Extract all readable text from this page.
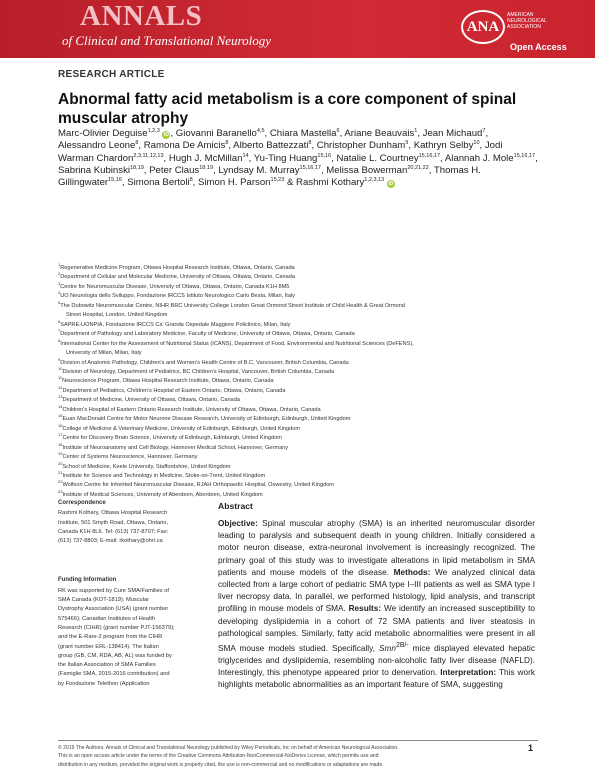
ANNALS
of Clinical and Translational Neurology
ANA
AMERICAN
NEUROLOGICAL
ASSOCIATION
Open Access
RESEARCH ARTICLE
Abnormal fatty acid metabolism is a core component of spinal muscular atrophy
Marc-Olivier Deguise$^{1,2,3}$ iD , Giovanni Baranello$^{4,5}$, Chiara Mastella$^6$, Ariane Beauvais$^1$, Jean Michaud$^7$, Alessandro Leone$^8$, Ramona De Amicis$^8$, Alberto Battezzati$^8$, Christopher Dunham$^9$, Kathryn Selby$^{10}$, Jodi Warman Chardon$^{2,3,11,12,13}$, Hugh J. McMillan$^{14}$, Yu-Ting Huang$^{15,16}$, Natalie L. Courtney$^{15,16,17}$, Alannah J. Mole$^{15,16,17}$, Sabrina Kubinski$^{18,19}$, Peter Claus$^{18,19}$, Lyndsay M. Murray$^{15,16,17}$, Melissa Bowerman$^{20,21,22}$, Thomas H. Gillingwater$^{15,16}$, Simona Bertoli$^8$, Simon H. Parson$^{15,23}$ & Rashmi Kothary$^{1,2,3,13}$ iD
$^1$Regenerative Medicine Program, Ottawa Hospital Research Institute, Ottawa, Ontario, Canada
$^2$Department of Cellular and Molecular Medicine, University of Ottawa, Ottawa, Ontario, Canada
$^3$Centre for Neuromuscular Disease, University of Ottawa, Ottawa, Ontario, Canada K1H 8M5
$^4$UO Neurologia dello Sviluppo, Fondazione IRCCS Istituto Neurologico Carlo Besta, Milan, Italy
$^5$The Dubowitz Neuromuscular Centre, NIHR BRC University College London Great Ormond Street Institute of Child Health & Great Ormond
Street Hospital, London, United Kingdom
$^6$SAPRE-UONPIA, Fondazione IRCCS Ca' Granda Ospedale Maggiore Policlinico, Milan, Italy
$^7$Department of Pathology and Laboratory Medicine, Faculty of Medicine, University of Ottawa, Ottawa, Ontario, Canada
$^8$International Center for the Assessment of Nutritional Status (ICANS), Department of Food, Environmental and Nutritional Sciences (DeFENS),
University of Milan, Milan, Italy
$^9$Division of Anatomic Pathology, Children's and Women's Health Centre of B.C, Vancouver, British Columbia, Canada
$^{10}$Division of Neurology, Department of Pediatrics, BC Children's Hospital, Vancouver, British Columbia, Canada
$^{11}$Neuroscience Program, Ottawa Hospital Research Institute, Ottawa, Ontario, Canada
$^{12}$Department of Pediatrics, Children's Hospital of Eastern Ontario, Ottawa, Ontario, Canada
$^{13}$Department of Medicine, University of Ottawa, Ottawa, Ontario, Canada
$^{14}$Children's Hospital of Eastern Ontario Research Institute, University of Ottawa, Ottawa, Ontario, Canada
$^{15}$Euan MacDonald Centre for Motor Neurone Disease Research, University of Edinburgh, Edinburgh, United Kingdom
$^{16}$College of Medicine & Veterinary Medicine, University of Edinburgh, Edinburgh, United Kingdom
$^{17}$Centre for Discovery Brain Science, University of Edinburgh, Edinburgh, United Kingdom
$^{18}$Institute of Neuroanatomy and Cell Biology, Hannover Medical School, Hannover, Germany
$^{19}$Center of Systems Neuroscience, Hannover, Germany
$^{20}$School of Medicine, Keele University, Staffordshire, United Kingdom
$^{21}$Institute for Science and Technology in Medicine, Stoke-on-Trent, United Kingdom
$^{22}$Wolfson Centre for Inherited Neuromuscular Disease, RJAH Orthopaedic Hospital, Oswestry, United Kingdom
$^{23}$Institute of Medical Sciences, University of Aberdeen, Aberdeen, United Kingdom
Correspondence
Rashmi Kothary, Ottawa Hospital Research
Institute, 501 Smyth Road, Ottawa, Ontario,
Canada K1H 8L6. Tel: (613) 737-8707; Fax:
(613) 737-8803; E-mail: rkothary@ohri.ca
Funding Information
RK was supported by Cure SMA/Families of
SMA Canada (KOT-1819); Muscular
Dystrophy Association (USA) (grant number
575466); Canadian Institutes of Health
Research (CIHR) (grant number PJT-156379);
and the E-Rare-2 program from the CIHR
(grant number ERL-138414). The Italian
group (GB, CM, RDA, AB, AL) was funded by
the Italian Association of SMA Families
(Famiglie SMA, 2015-2016 contribution) and
by Fondazione Telethon (Application
Abstract
Objective: Spinal muscular atrophy (SMA) is an inherited neuromuscular disorder leading to paralysis and subsequent death in young children. Initially considered a motor neuron disease, extra-neuronal involvement is increasingly recognized. The primary goal of this study was to investigate alterations in lipid metabolism in SMA patients and mouse models of the disease. Methods: We analyzed clinical data collected from a large cohort of pediatric SMA type I–III patients as well as SMA type I liver necropsy data. In parallel, we performed histology, lipid analysis, and transcript profiling in mouse models of SMA. Results: We identify an increased susceptibility to developing dyslipidemia in a cohort of 72 SMA patients and liver steatosis in pathological samples. Similarly, fatty acid metabolic abnormalities were present in all SMA mouse models studied. Specifically, Smn$^{2B/-}$ mice displayed elevated hepatic triglycerides and dyslipidemia, resembling non-alcoholic fatty liver disease (NAFLD). Interestingly, this phenotype appeared prior to denervation. Interpretation: This work highlights metabolic abnormalities as an important feature of SMA, suggesting
© 2019 The Authors. Annals of Clinical and Translational Neurology published by Wiley Periodicals, Inc on behalf of American Neurological Association.
This is an open access article under the terms of the Creative Commons Attribution-NonCommercial-NoDerivs License, which permits use and
distribution in any medium, provided the original work is properly cited, the use is non-commercial and no modifications or adaptations are made.
1
